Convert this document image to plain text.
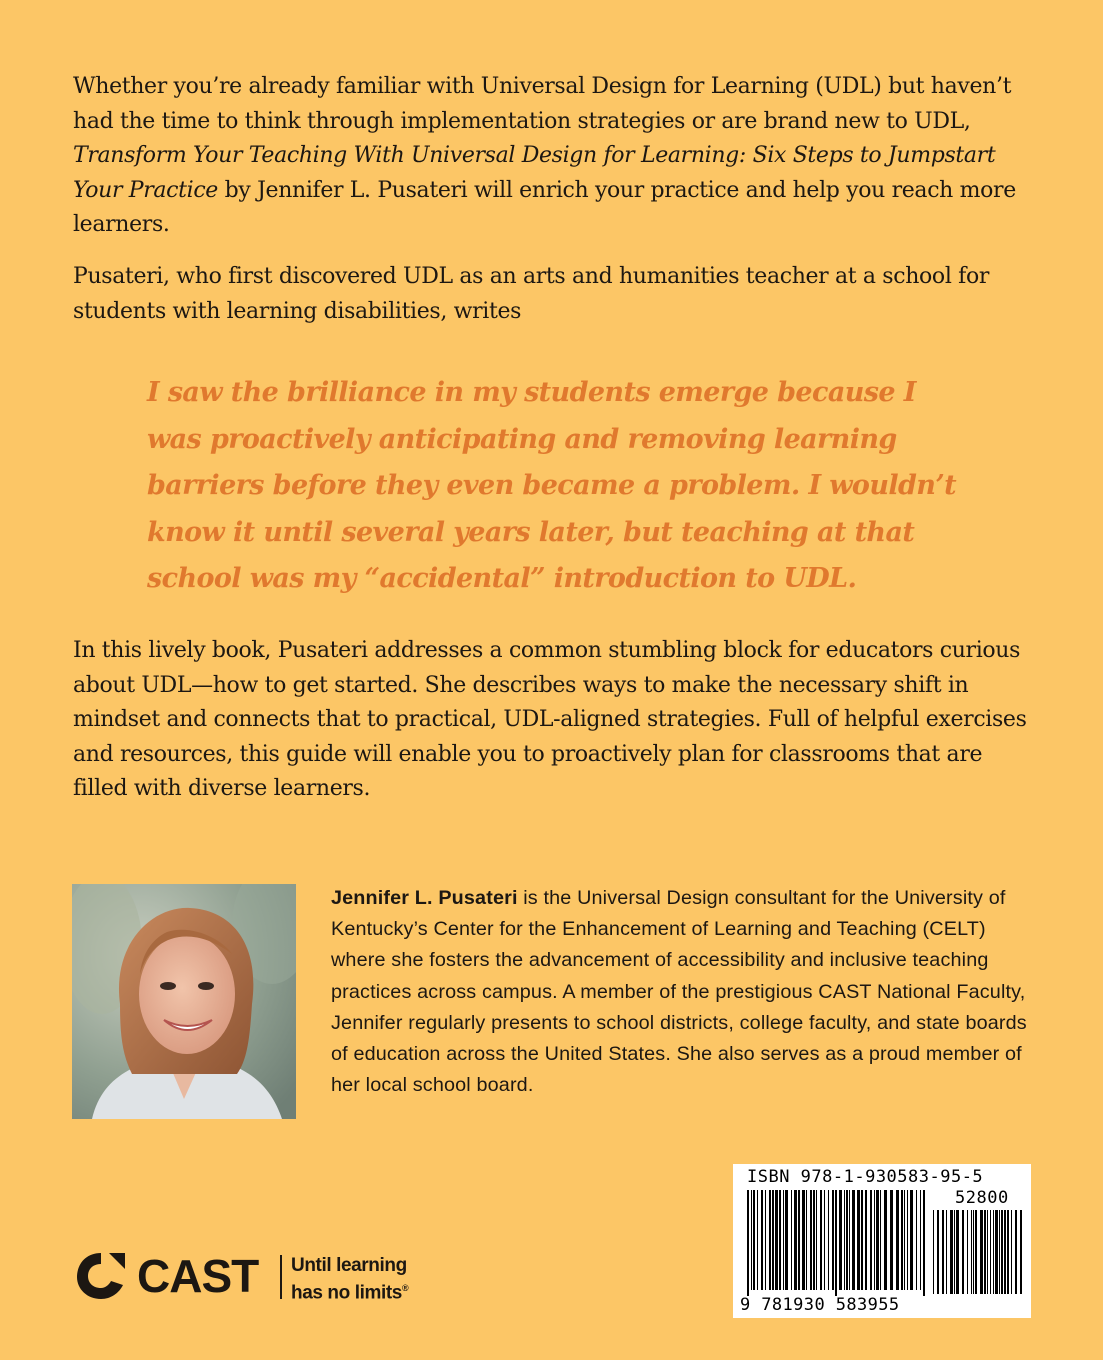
Whether you’re already familiar with Universal Design for Learning (UDL) but haven’t had the time to think through implementation strategies or are brand new to UDL, Transform Your Teaching With Universal Design for Learning: Six Steps to Jumpstart Your Practice by Jennifer L. Pusateri will enrich your practice and help you reach more learners.

Pusateri, who first discovered UDL as an arts and humanities teacher at a school for students with learning disabilities, writes

I saw the brilliance in my students emerge because I was proactively anticipating and removing learning barriers before they even became a problem. I wouldn’t know it until several years later, but teaching at that school was my “accidental” introduction to UDL.

In this lively book, Pusateri addresses a common stumbling block for educators curious about UDL—how to get started. She describes ways to make the necessary shift in mindset and connects that to practical, UDL-aligned strategies. Full of helpful exercises and resources, this guide will enable you to proactively plan for classrooms that are filled with diverse learners.

Jennifer L. Pusateri is the Universal Design consultant for the University of Kentucky’s Center for the Enhancement of Learning and Teaching (CELT) where she fosters the advancement of accessibility and inclusive teaching practices across campus. A member of the prestigious CAST National Faculty, Jennifer regularly presents to school districts, college faculty, and state boards of education across the United States. She also serves as a proud member of her local school board.

CAST Until learning
has no limits®
ISBN 978-1-930583-95-5
52800
9 781930 583955
